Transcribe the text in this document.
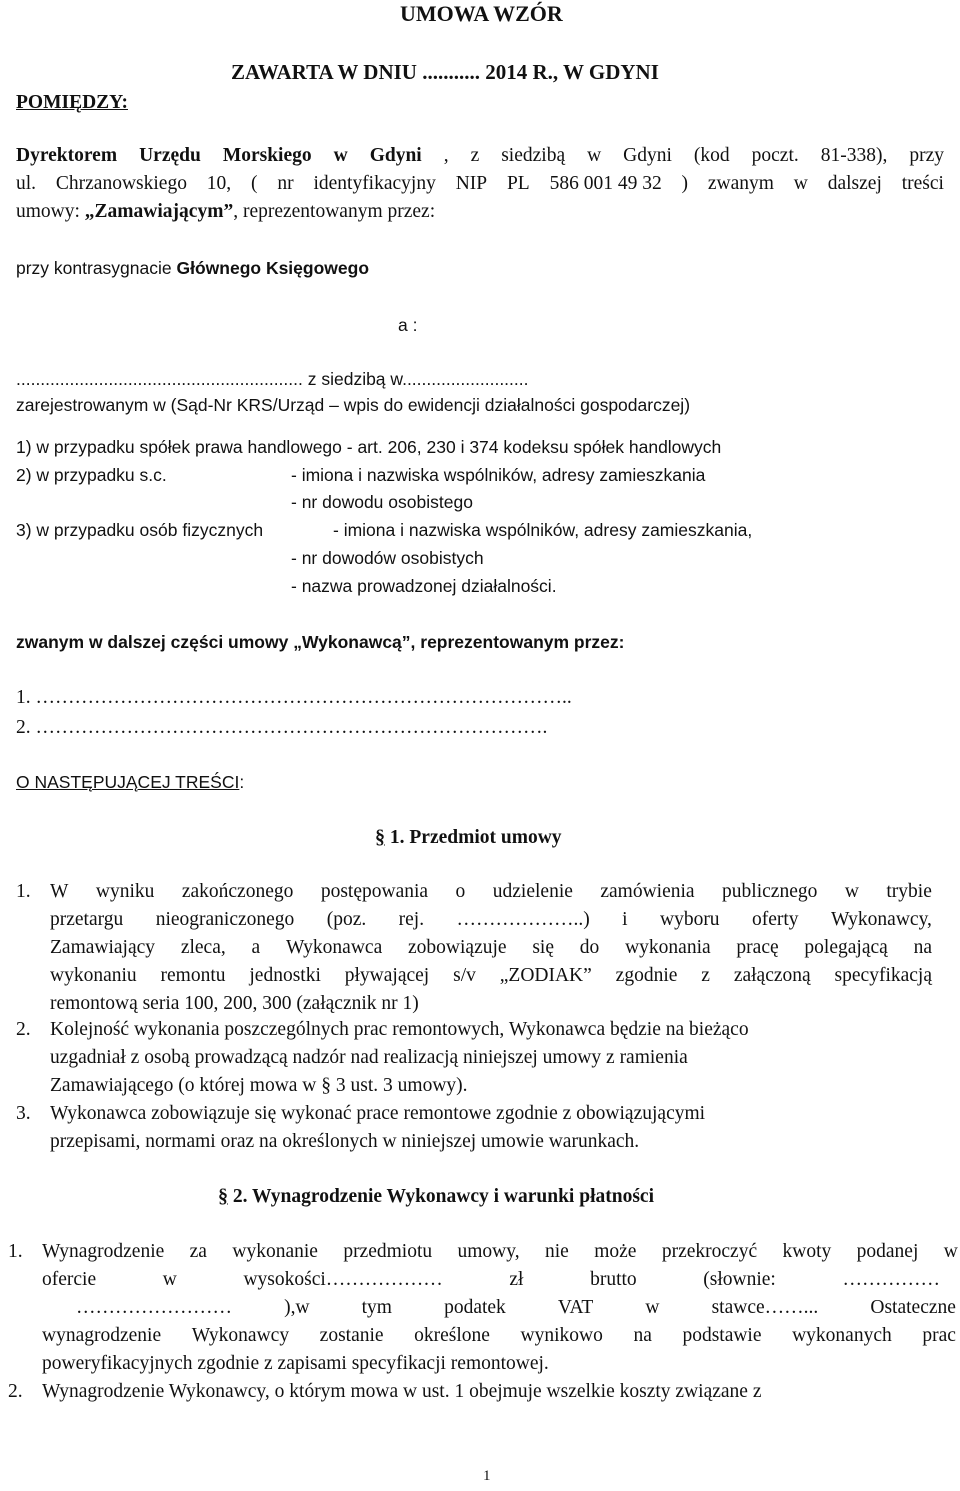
UMOWA WZÓR
POMIĘDZY:
ZAWARTA W DNIU ........... 2014 R., W GDYNI
Dyrektorem Urzędu Morskiego w Gdyni , z siedzibą w Gdyni (kod poczt. 81-338), przy
ul. Chrzanowskiego 10, ( nr identyfikacyjny NIP PL 586 001 49 32 ) zwanym w dalszej treści
umowy: „Zamawiającym”, reprezentowanym przez:
przy kontrasygnacie Głównego Księgowego
a :
........................................................... z siedzibą w..........................
zarejestrowanym w (Sąd-Nr KRS/Urząd – wpis do ewidencji działalności gospodarczej)
1) w przypadku spółek prawa handlowego - art. 206, 230 i 374 kodeksu spółek handlowych
2) w przypadku s.c.	- imiona i nazwiska wspólników, adresy zamieszkania
- nr dowodu osobistego
3) w przypadku osób fizycznych	- imiona i nazwiska wspólników, adresy zamieszkania,
- nr dowodów osobistych
- nazwa prowadzonej działalności.
zwanym w dalszej części umowy „Wykonawcą”, reprezentowanym przez:
1. ………………………………………………………………………..
2. …………………………………………………………………….
O NASTĘPUJĄCEJ TREŚCI:
§ 1. Przedmiot umowy
1. W wyniku zakończonego postępowania o udzielenie zamówienia publicznego w trybie
przetargu nieograniczonego (poz. rej. ………………..) i wyboru oferty Wykonawcy,
Zamawiający zleca, a Wykonawca zobowiązuje się do wykonania pracę polegającą na
wykonaniu remontu jednostki pływającej s/v „ZODIAK” zgodnie z załączoną specyfikacją
remontową seria 100, 200, 300 (załącznik nr 1)
2. Kolejność wykonania poszczególnych prac remontowych, Wykonawca będzie na bieżąco
uzgadniał z osobą prowadzącą nadzór nad realizacją niniejszej umowy z ramienia
Zamawiającego (o której mowa w § 3 ust. 3 umowy).
3. Wykonawca zobowiązuje się wykonać prace remontowe zgodnie z obowiązującymi
przepisami, normami oraz na określonych w niniejszej umowie warunkach.
§ 2. Wynagrodzenie Wykonawcy i warunki płatności
1. Wynagrodzenie za wykonanie przedmiotu umowy, nie może przekroczyć kwoty podanej w
ofercie	w	wysokości………………	zł	brutto	(słownie:	……………
……………………	),w	tym	podatek	VAT	w	stawce……...	Ostateczne
wynagrodzenie Wykonawcy zostanie określone wynikowo na podstawie wykonanych prac
poweryfikacyjnych zgodnie z zapisami specyfikacji remontowej.
2. Wynagrodzenie Wykonawcy, o którym mowa w ust. 1 obejmuje wszelkie koszty związane z
1
